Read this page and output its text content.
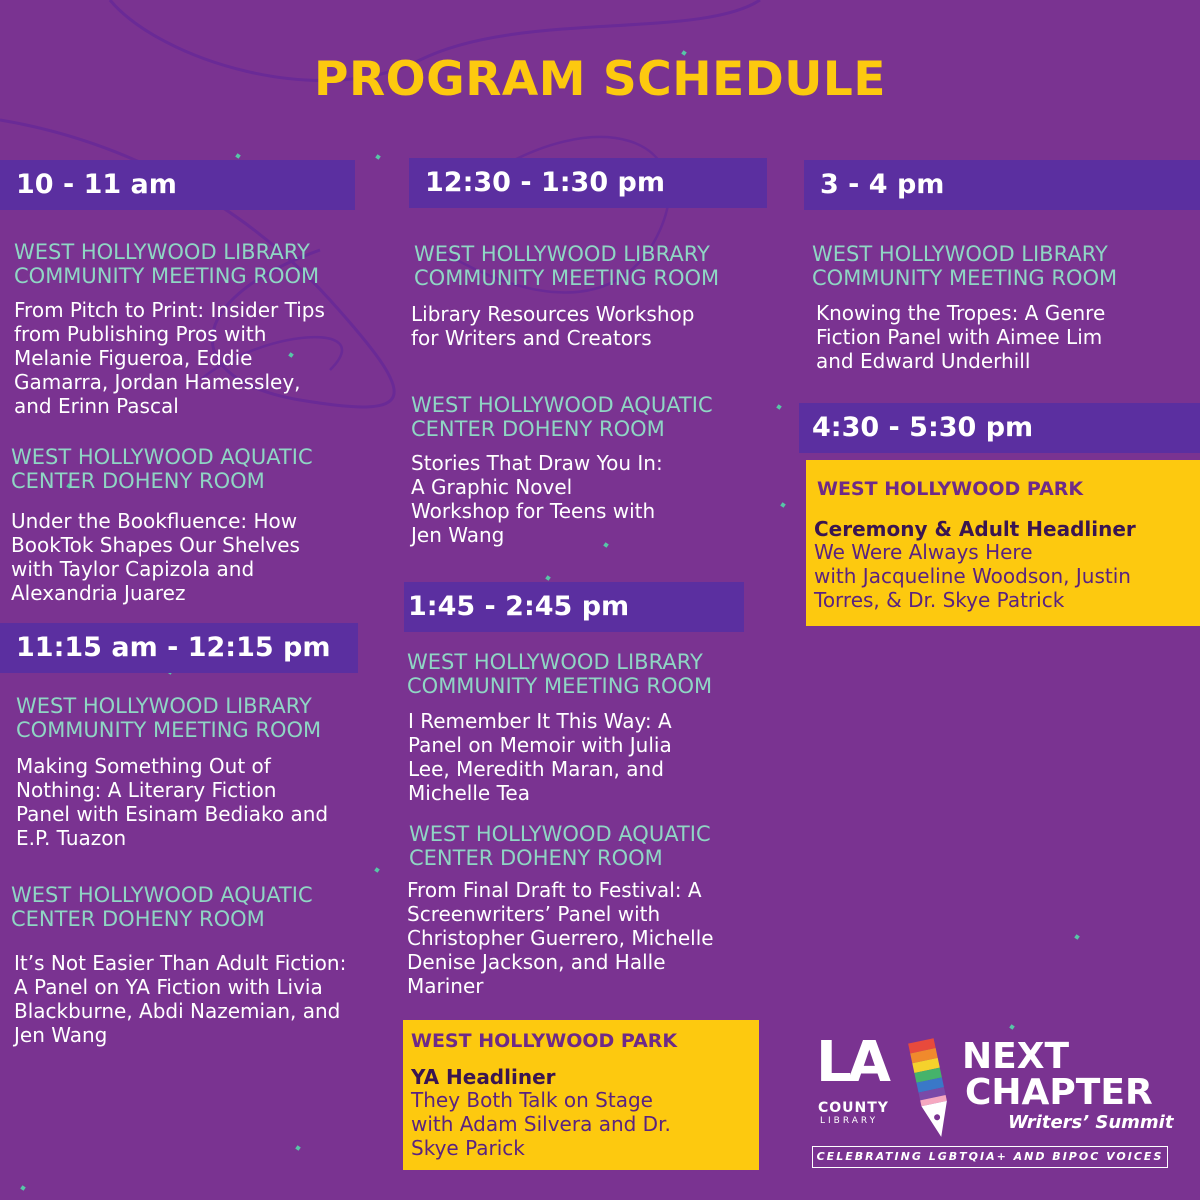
PROGRAM SCHEDULE
10 - 11 am
WEST HOLLYWOOD LIBRARY
COMMUNITY MEETING ROOM
From Pitch to Print: Insider Tips
from Publishing Pros with
Melanie Figueroa, Eddie
Gamarra, Jordan Hamessley,
and Erinn Pascal
WEST HOLLYWOOD AQUATIC
CENTER DOHENY ROOM
Under the Bookfluence: How
BookTok Shapes Our Shelves
with Taylor Capizola and
Alexandria Juarez
11:15 am - 12:15 pm
WEST HOLLYWOOD LIBRARY
COMMUNITY MEETING ROOM
Making Something Out of
Nothing: A Literary Fiction
Panel with Esinam Bediako and
E.P. Tuazon
WEST HOLLYWOOD AQUATIC
CENTER DOHENY ROOM
It’s Not Easier Than Adult Fiction:
A Panel on YA Fiction with Livia
Blackburne, Abdi Nazemian, and
Jen Wang
12:30 - 1:30 pm
WEST HOLLYWOOD LIBRARY
COMMUNITY MEETING ROOM
Library Resources Workshop
for Writers and Creators
WEST HOLLYWOOD AQUATIC
CENTER DOHENY ROOM
Stories That Draw You In:
A Graphic Novel
Workshop for Teens with
Jen Wang
1:45 - 2:45 pm
WEST HOLLYWOOD LIBRARY
COMMUNITY MEETING ROOM
I Remember It This Way: A
Panel on Memoir with Julia
Lee, Meredith Maran, and
Michelle Tea
WEST HOLLYWOOD AQUATIC
CENTER DOHENY ROOM
From Final Draft to Festival: A
Screenwriters’ Panel with
Christopher Guerrero, Michelle
Denise Jackson, and Halle
Mariner
WEST HOLLYWOOD PARK
YA Headliner
They Both Talk on Stage
with Adam Silvera and Dr.
Skye Parick
3 - 4 pm
WEST HOLLYWOOD LIBRARY
COMMUNITY MEETING ROOM
Knowing the Tropes: A Genre
Fiction Panel with Aimee Lim
and Edward Underhill
4:30 - 5:30 pm
WEST HOLLYWOOD PARK
Ceremony & Adult Headliner
We Were Always Here
with Jacqueline Woodson, Justin
Torres, & Dr. Skye Patrick
LA
COUNTY
LIBRARY
NEXT
CHAPTER
Writers’ Summit
CELEBRATING LGBTQIA+ AND BIPOC VOICES
